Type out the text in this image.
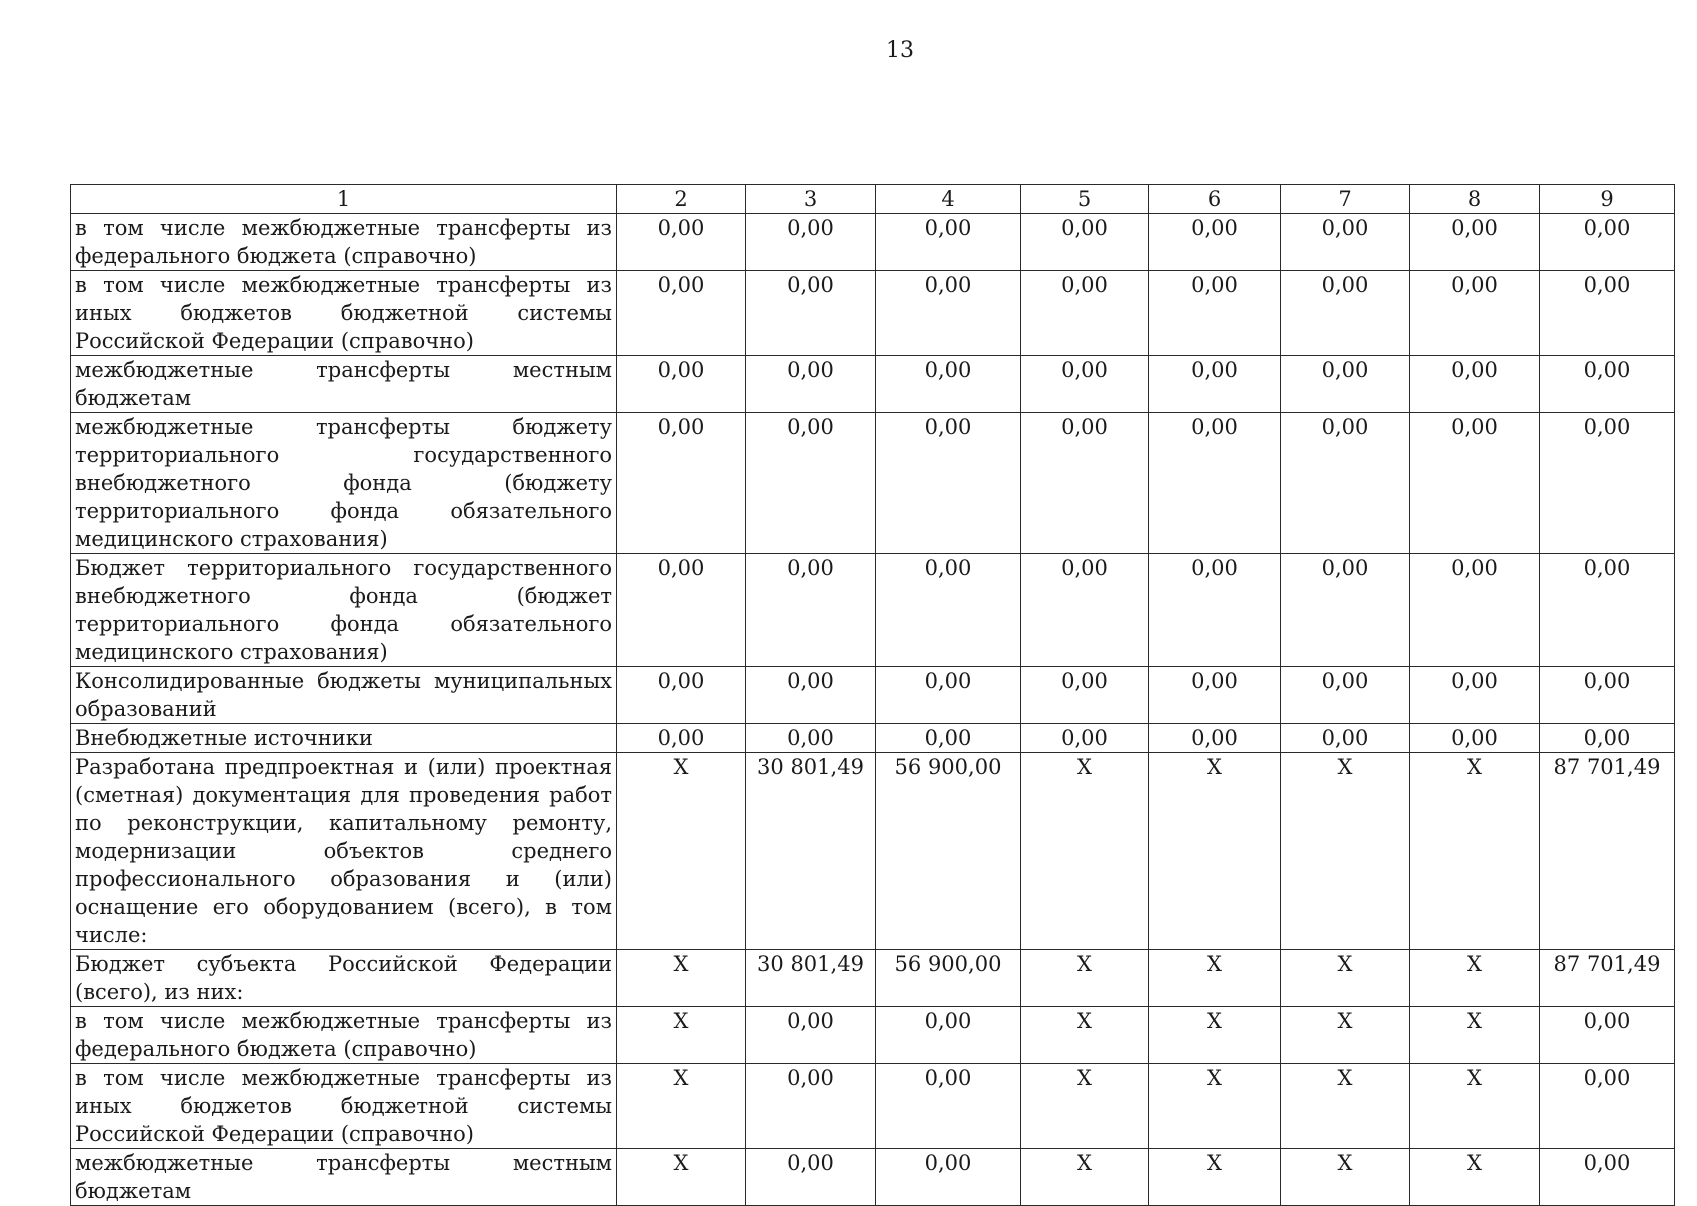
13
1	2	3	4	5	6	7	8	9
в том числе межбюджетные трансферты из федерального бюджета (справочно)	0,00	0,00	0,00	0,00	0,00	0,00	0,00	0,00
в том числе межбюджетные трансферты из иных бюджетов бюджетной системы Российской Федерации (справочно)	0,00	0,00	0,00	0,00	0,00	0,00	0,00	0,00
межбюджетные трансферты местным бюджетам	0,00	0,00	0,00	0,00	0,00	0,00	0,00	0,00
межбюджетные трансферты бюджету территориального государственного внебюджетного фонда (бюджету территориального фонда обязательного медицинского страхования)	0,00	0,00	0,00	0,00	0,00	0,00	0,00	0,00
Бюджет территориального государственного внебюджетного фонда (бюджет территориального фонда обязательного медицинского страхования)	0,00	0,00	0,00	0,00	0,00	0,00	0,00	0,00
Консолидированные бюджеты муниципальных образований	0,00	0,00	0,00	0,00	0,00	0,00	0,00	0,00
Внебюджетные источники	0,00	0,00	0,00	0,00	0,00	0,00	0,00	0,00
Разработана предпроектная и (или) проектная (сметная) документация для проведения работ по реконструкции, капитальному ремонту, модернизации объектов среднего профессионального образования и (или) оснащение его оборудованием (всего), в том числе:	X	30 801,49	56 900,00	X	X	X	X	87 701,49
Бюджет субъекта Российской Федерации (всего), из них:	X	30 801,49	56 900,00	X	X	X	X	87 701,49
в том числе межбюджетные трансферты из федерального бюджета (справочно)	X	0,00	0,00	X	X	X	X	0,00
в том числе межбюджетные трансферты из иных бюджетов бюджетной системы Российской Федерации (справочно)	X	0,00	0,00	X	X	X	X	0,00
межбюджетные трансферты местным бюджетам	X	0,00	0,00	X	X	X	X	0,00
